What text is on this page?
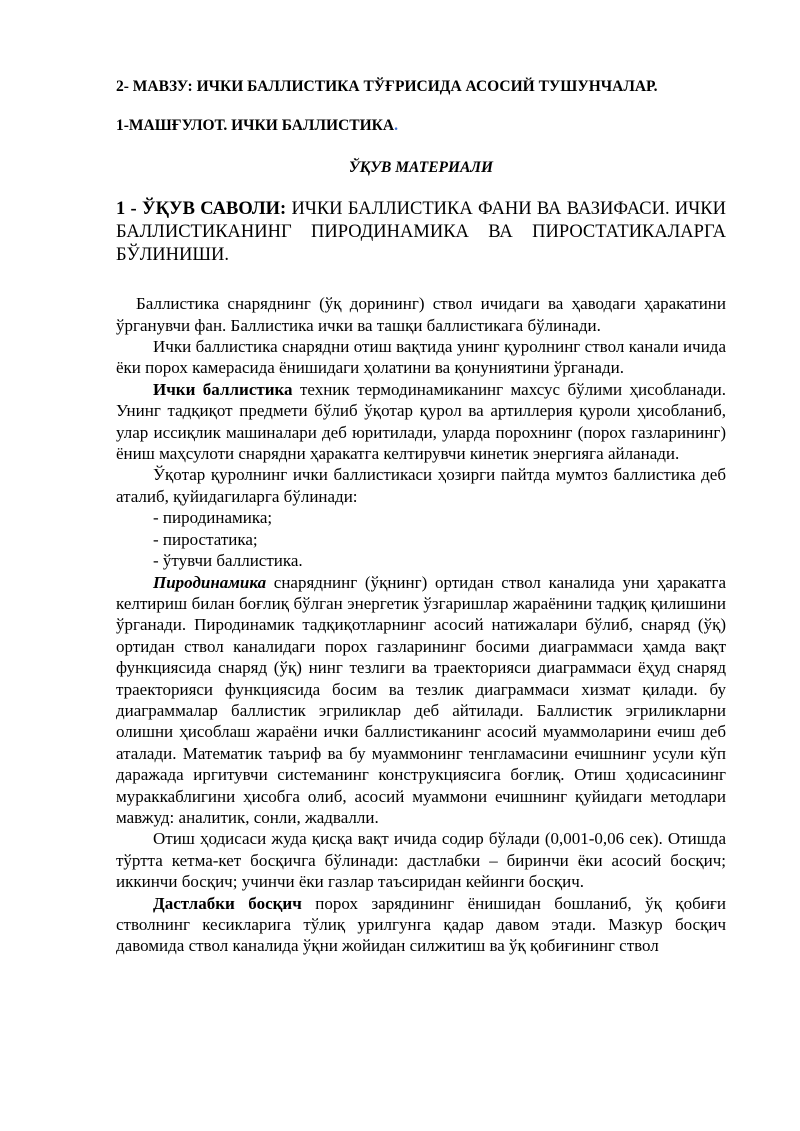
2- МАВЗУ: ИЧКИ БАЛЛИСТИКА ТЎҒРИСИДА АСОСИЙ ТУШУНЧАЛАР.
1-МАШҒУЛОТ. ИЧКИ БАЛЛИСТИКА.
ЎҚУВ МАТЕРИАЛИ
1 - ЎҚУВ САВОЛИ: ИЧКИ БАЛЛИСТИКА ФАНИ ВА ВАЗИФАСИ. ИЧКИ БАЛЛИСТИКАНИНГ ПИРОДИНАМИКА ВА ПИРОСТАТИКАЛАРГА БЎЛИНИШИ.

Баллистика снаряднинг (ўқ дорининг) ствол ичидаги ва ҳаводаги ҳаракатини ўрганувчи фан. Баллистика ички ва ташқи баллистикага бўлинади.

Ички баллистика снарядни отиш вақтида унинг қуролнинг ствол канали ичида ёки порох камерасида ёнишидаги ҳолатини ва қонуниятини ўрганади.

Ички баллистика техник термодинамиканинг махсус бўлими ҳисобланади. Унинг тадқиқот предмети бўлиб ўқотар қурол ва артиллерия қуроли ҳисобланиб, улар иссиқлик машиналари деб юритилади, уларда порохнинг (порох газларининг) ёниш маҳсулоти снарядни ҳаракатга келтирувчи кинетик энергияга айланади.

Ўқотар қуролнинг ички баллистикаси ҳозирги пайтда мумтоз баллистика деб аталиб, қуйидагиларга бўлинади:

- пиродинамика;
- пиростатика;
- ўтувчи баллистика.

Пиродинамика снаряднинг (ўқнинг) ортидан ствол каналида уни ҳаракатга келтириш билан боғлиқ бўлган энергетик ўзгаришлар жараёнини тадқиқ қилишини ўрганади. Пиродинамик тадқиқотларнинг асосий натижалари бўлиб, снаряд (ўқ) ортидан ствол каналидаги порох газларининг босими диаграммаси ҳамда вақт функциясида снаряд (ўқ) нинг тезлиги ва траекторияси диаграммаси ёҳуд снаряд траекторияси функциясида босим ва тезлик диаграммаси хизмат қилади. бу диаграммалар баллистик эгриликлар деб айтилади. Баллистик эгриликларни олишни ҳисоблаш жараёни ички баллистиканинг асосий муаммоларини ечиш деб аталади. Математик таъриф ва бу муаммонинг тенгламасини ечишнинг усули кўп даражада иргитувчи системанинг конструкциясига боғлиқ. Отиш ҳодисасининг мураккаблигини ҳисобга олиб, асосий муаммони ечишнинг қуйидаги методлари мавжуд: аналитик, сонли, жадвалли.

Отиш ҳодисаси жуда қисқа вақт ичида содир бўлади (0,001-0,06 сек). Отишда тўртта кетма-кет босқичга бўлинади: дастлабки – биринчи ёки асосий босқич; иккинчи босқич; учинчи ёки газлар таъсиридан кейинги босқич.

Дастлабки босқич порох зарядининг ёнишидан бошланиб, ўқ қобиғи стволнинг кесикларига тўлиқ урилгунга қадар давом этади. Мазкур босқич давомида ствол каналида ўқни жойидан силжитиш ва ўқ қобиғининг ствол
